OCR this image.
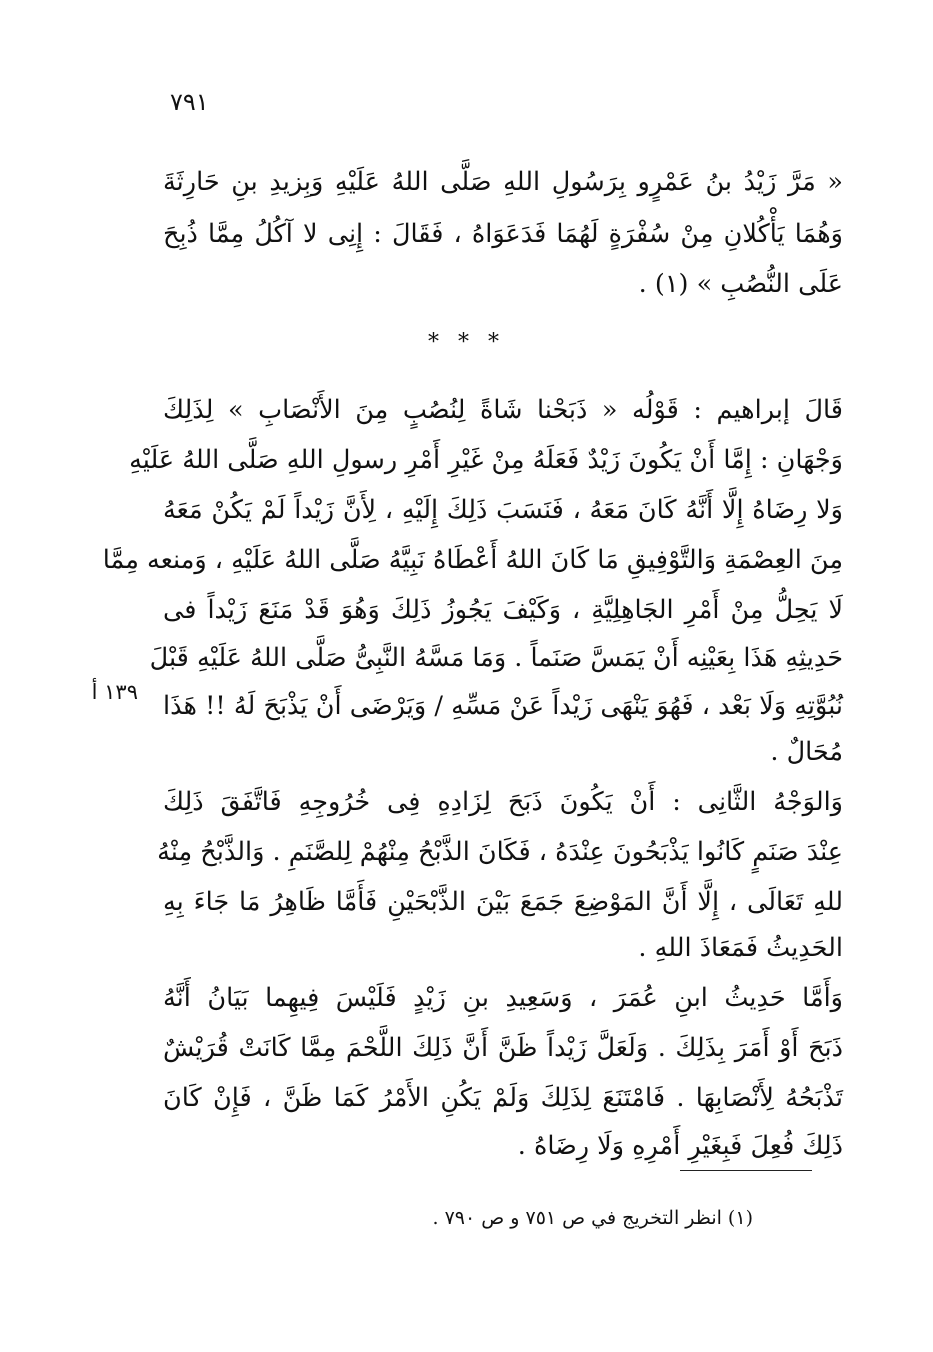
٧٩١
« مَرَّ زَيْدُ بنُ عَمْرٍو بِرَسُولِ اللهِ صَلَّى اللهُ عَلَيْهِ وَبِزيدِ بنِ حَارِثَةَ
وَهُمَا يَأْكُلانِ مِنْ سُفْرَةٍ لَهُمَا فَدَعَوَاهُ ، فَقَالَ : إِنِى لا آكُلُ مِمَّا ذُبِحَ
عَلَى النُّصُبِ » (١) .
* * *
قَالَ إبراهيم : قَوْلُه « ذَبَحْنا شَاةً لِنُصُبٍ مِنَ الأَنْصَابِ » لِذَلِكَ
وَجْهَانِ : إِمَّا أَنْ يَكُونَ زَيْدٌ فَعَلَهُ مِنْ غَيْرِ أَمْرِ رسولِ اللهِ صَلَّى اللهُ عَلَيْهِ
وَلا رِضَاهُ إِلَّا أَنَّهُ كَانَ مَعَهُ ، فَنَسَبَ ذَلِكَ إِلَيْهِ ، لِأَنَّ زَيْداً لَمْ يَكُنْ مَعَهُ
مِنَ العِصْمَةِ وَالتَّوْفِيقِ مَا كَانَ اللهُ أَعْطَاهُ نَبِيَّهُ صَلَّى اللهُ عَلَيْهِ ، وَمنعه مِمَّا
لَا يَحِلُّ مِنْ أَمْرِ الجَاهِلِيَّةِ ، وَكَيْفَ يَجُوزُ ذَلِكَ وَهُوَ قَدْ مَنَعَ زَيْداً فى
حَدِيثِهِ هَذَا بِعَيْنِه أَنْ يَمَسَّ صَنَماً . وَمَا مَسَّهُ النَّبِىُّ صَلَّى اللهُ عَلَيْهِ قَبْلَ
نُبُوَّتِهِ وَلَا بَعْد ، فَهُوَ يَنْهَى زَيْداً عَنْ مَسِّهِ / وَيَرْضَى أَنْ يَذْبَحَ لَهُ !! هَذَا
مُحَالٌ .
١٣٩ أ
وَالوَجْهُ الثَّانِى : أَنْ يَكُونَ ذَبَحَ لِزَادِهِ فِى خُرُوجِهِ فَاتَّفَقَ ذَلِكَ
عِنْدَ صَنَمٍ كَانُوا يَذْبَحُونَ عِنْدَهُ ، فَكَانَ الذَّبْحُ مِنْهُمْ لِلصَّنَمِ . وَالذَّبْحُ مِنْهُ
للهِ تَعَالَى ، إِلَّا أَنَّ المَوْضِعَ جَمَعَ بَيْنَ الذَّبْحَيْنِ فَأَمَّا ظَاهِرُ مَا جَاءَ بِهِ
الحَدِيثُ فَمَعَاذَ اللهِ .
وَأَمَّا حَدِيثُ ابنِ عُمَرَ ، وَسَعِيدِ بنِ زَيْدٍ فَلَيْسَ فِيهِما بَيَانُ أَنَّهُ
ذَبَحَ أَوْ أَمَرَ بِذَلِكَ . وَلَعَلَّ زَيْداً ظَنَّ أَنَّ ذَلِكَ اللَّحْمَ مِمَّا كَانَتْ قُرَيْشٌ
تَذْبَحُهُ لِأَنْصَابِهَا . فَامْتَنَعَ لِذَلِكَ وَلَمْ يَكُنِ الأَمْرُ كَمَا ظَنَّ ، فَإِنْ كَانَ
ذَلِكَ فُعِلَ فَبِغَيْرِ أَمْرِهِ وَلَا رِضَاهُ .
(١) انظر التخريج في ص ٧٥١ و ص ٧٩٠ .
